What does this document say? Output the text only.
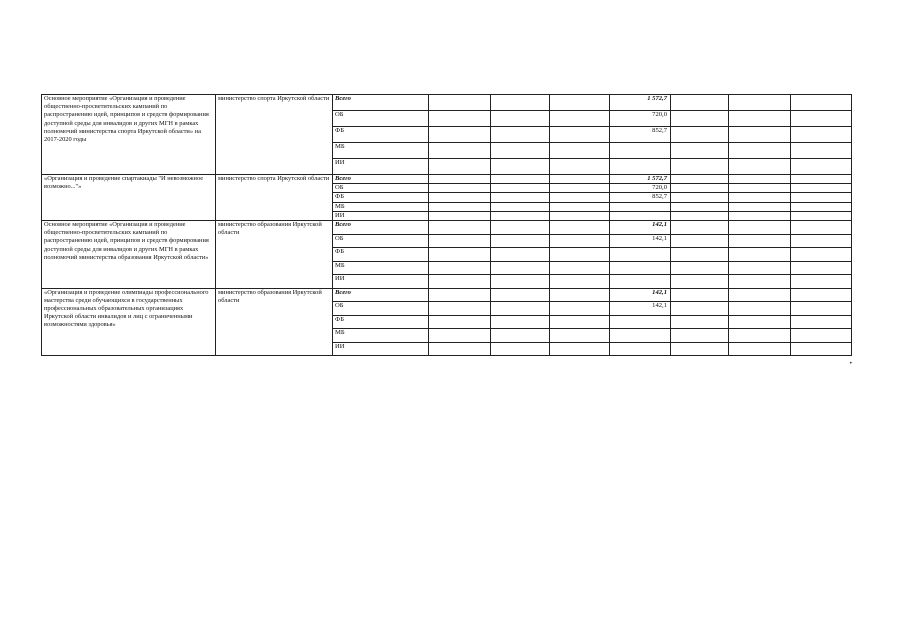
Основное мероприятие «Организация и проведение общественно-просветительских кампаний по распространению идей, принципов и средств формирования доступной среды для инвалидов и других МГН в рамках полномочий министерства спорта Иркутской области» на 2017-2020 годы	министерство спорта Иркутской области	Всего				1 572,7			
		ОБ				720,0			
		ФБ				852,7			
		МБ							
		ИИ							
«Организация и проведение спартакиады "И невозможное возможно..."»	министерство спорта Иркутской области	Всего				1 572,7			
		ОБ				720,0			
		ФБ				852,7			
		МБ							
		ИИ							
Основное мероприятие «Организация и проведение общественно-просветительских кампаний по распространению идей, принципов и средств формирования доступной среды для инвалидов и других МГН в рамках полномочий министерства образования Иркутской области»	министерство образования Иркутской области	Всего				142,1			
		ОБ				142,1			
		ФБ							
		МБ							
		ИИ							
«Организация и проведение олимпиады профессионального мастерства среди обучающихся в государственных профессиональных образовательных организациях Иркутской области инвалидов и лиц с ограниченными возможностями здоровья»	министерство образования Иркутской области	Всего				142,1			
		ОБ				142,1			
		ФБ							
		МБ							
		ИИ							
•
